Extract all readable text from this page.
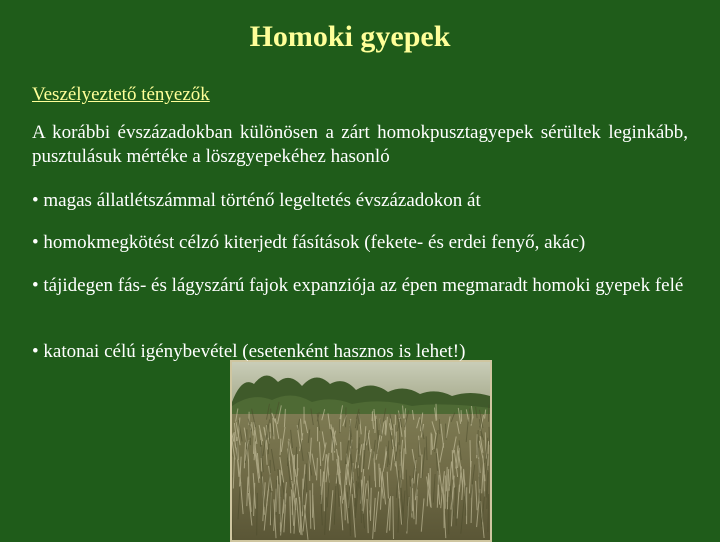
Homoki gyepek
Veszélyeztető tényezők
A korábbi évszázadokban különösen a zárt homokpusztagyepek sérültek leginkább, pusztulásuk mértéke a löszgyepekéhez hasonló
• magas állatlétszámmal történő legeltetés évszázadokon át
• homokmegkötést célzó kiterjedt fásítások (fekete- és erdei fenyő, akác)
• tájidegen fás- és lágyszárú fajok expanziója az épen megmaradt homoki gyepek felé
• katonai célú igénybevétel (esetenként hasznos is lehet!)
